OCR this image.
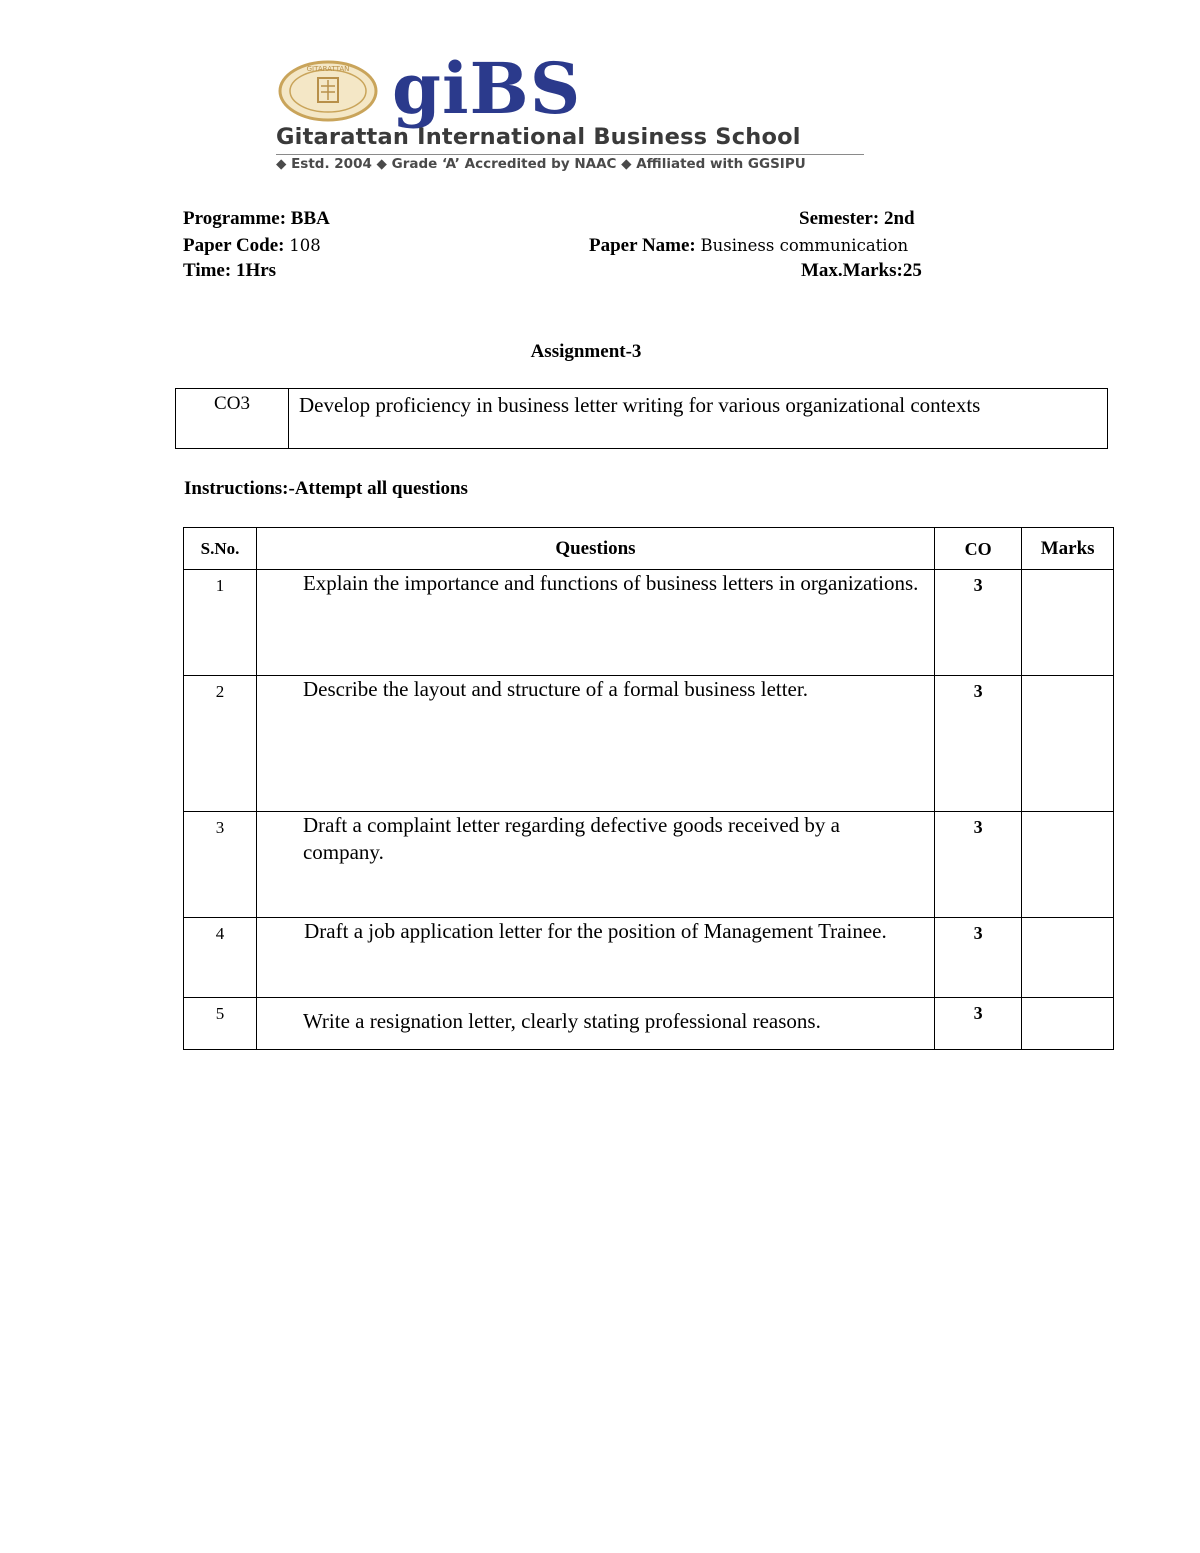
GITARATTAN giBS
Gitarattan International Business School
◆ Estd. 2004 ◆ Grade ‘A’ Accredited by NAAC ◆ Affiliated with GGSIPU
Programme: BBA	Semester: 2nd
Paper Code: 108	Paper Name: Business communication
Time: 1Hrs	Max.Marks:25
Assignment-3
CO3	Develop proficiency in business letter writing for various organizational contexts
Instructions:-Attempt all questions
S.No.	Questions	CO	Marks
1	Explain the importance and functions of business letters in organizations.	3	
2	Describe the layout and structure of a formal business letter.	3	
3	Draft a complaint letter regarding defective goods received by a company.	3	
4	Draft a job application letter for the position of Management Trainee.	3	
5	Write a resignation letter, clearly stating professional reasons.	3	
